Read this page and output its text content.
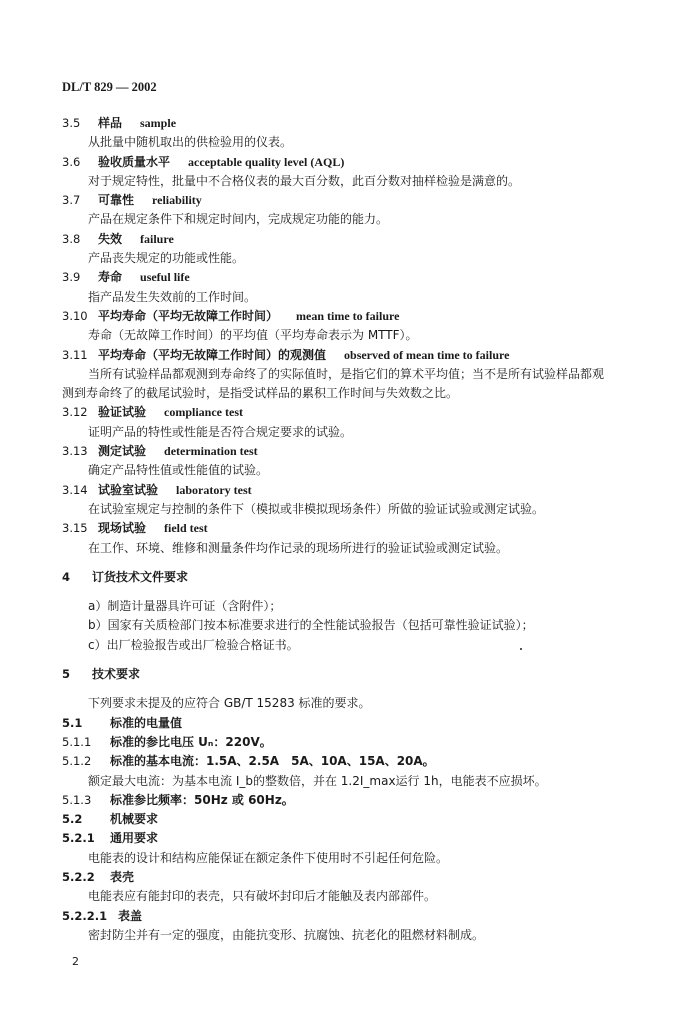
DL/T 829 — 2002
3.5 样品 sample
从批量中随机取出的供检验用的仪表。
3.6 验收质量水平 acceptable quality level (AQL)
对于规定特性，批量中不合格仪表的最大百分数，此百分数对抽样检验是满意的。
3.7 可靠性 reliability
产品在规定条件下和规定时间内，完成规定功能的能力。
3.8 失效 failure
产品丧失规定的功能或性能。
3.9 寿命 useful life
指产品发生失效前的工作时间。
3.10 平均寿命（平均无故障工作时间） mean time to failure
寿命（无故障工作时间）的平均值（平均寿命表示为 MTTF）。
3.11 平均寿命（平均无故障工作时间）的观测值 observed of mean time to failure
当所有试验样品都观测到寿命终了的实际值时，是指它们的算术平均值；当不是所有试验样品都观
测到寿命终了的截尾试验时，是指受试样品的累积工作时间与失效数之比。
3.12 验证试验 compliance test
证明产品的特性或性能是否符合规定要求的试验。
3.13 测定试验 determination test
确定产品特性值或性能值的试验。
3.14 试验室试验 laboratory test
在试验室规定与控制的条件下（模拟或非模拟现场条件）所做的验证试验或测定试验。
3.15 现场试验 field test
在工作、环境、维修和测量条件均作记录的现场所进行的验证试验或测定试验。
4 订货技术文件要求
a）制造计量器具许可证（含附件）；
b）国家有关质检部门按本标准要求进行的全性能试验报告（包括可靠性验证试验）；
c）出厂检验报告或出厂检验合格证书。
5 技术要求
下列要求未提及的应符合 GB/T 15283 标准的要求。
5.1 标准的电量值
5.1.1 标准的参比电压 Uₙ：220V。
5.1.2 标准的基本电流：1.5A、2.5A　5A、10A、15A、20A。
额定最大电流：为基本电流 I_b的整数倍，并在 1.2I_max运行 1h，电能表不应损坏。
5.1.3 标准参比频率：50Hz 或 60Hz。
5.2 机械要求
5.2.1 通用要求
电能表的设计和结构应能保证在额定条件下使用时不引起任何危险。
5.2.2 表壳
电能表应有能封印的表壳，只有破坏封印后才能触及表内部部件。
5.2.2.1 表盖
密封防尘并有一定的强度，由能抗变形、抗腐蚀、抗老化的阻燃材料制成。
2
